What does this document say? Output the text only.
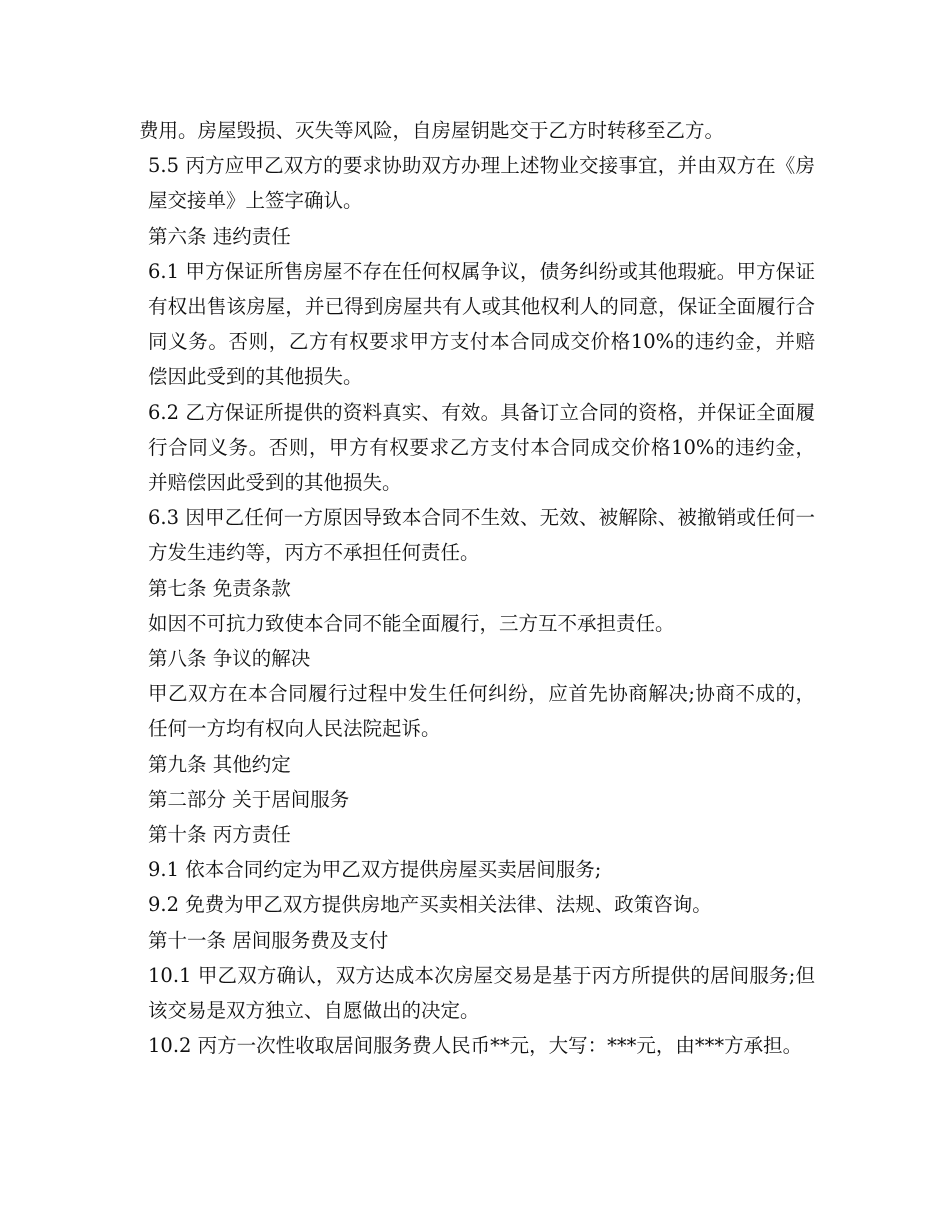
费用。房屋毁损、灭失等风险，自房屋钥匙交于乙方时转移至乙方。

5.5 丙方应甲乙双方的要求协助双方办理上述物业交接事宜，并由双方在《房屋交接单》上签字确认。

第六条 违约责任

6.1 甲方保证所售房屋不存在任何权属争议，债务纠纷或其他瑕疵。甲方保证有权出售该房屋，并已得到房屋共有人或其他权利人的同意，保证全面履行合同义务。否则，乙方有权要求甲方支付本合同成交价格10%的违约金，并赔偿因此受到的其他损失。

6.2 乙方保证所提供的资料真实、有效。具备订立合同的资格，并保证全面履行合同义务。否则，甲方有权要求乙方支付本合同成交价格10%的违约金，并赔偿因此受到的其他损失。

6.3 因甲乙任何一方原因导致本合同不生效、无效、被解除、被撤销或任何一方发生违约等，丙方不承担任何责任。

第七条 免责条款

如因不可抗力致使本合同不能全面履行，三方互不承担责任。

第八条 争议的解决

甲乙双方在本合同履行过程中发生任何纠纷，应首先协商解决;协商不成的，任何一方均有权向人民法院起诉。

第九条 其他约定

第二部分 关于居间服务

第十条 丙方责任

9.1 依本合同约定为甲乙双方提供房屋买卖居间服务;

9.2 免费为甲乙双方提供房地产买卖相关法律、法规、政策咨询。

第十一条 居间服务费及支付

10.1 甲乙双方确认，双方达成本次房屋交易是基于丙方所提供的居间服务;但该交易是双方独立、自愿做出的决定。

10.2 丙方一次性收取居间服务费人民币**元，大写：***元，由***方承担。
